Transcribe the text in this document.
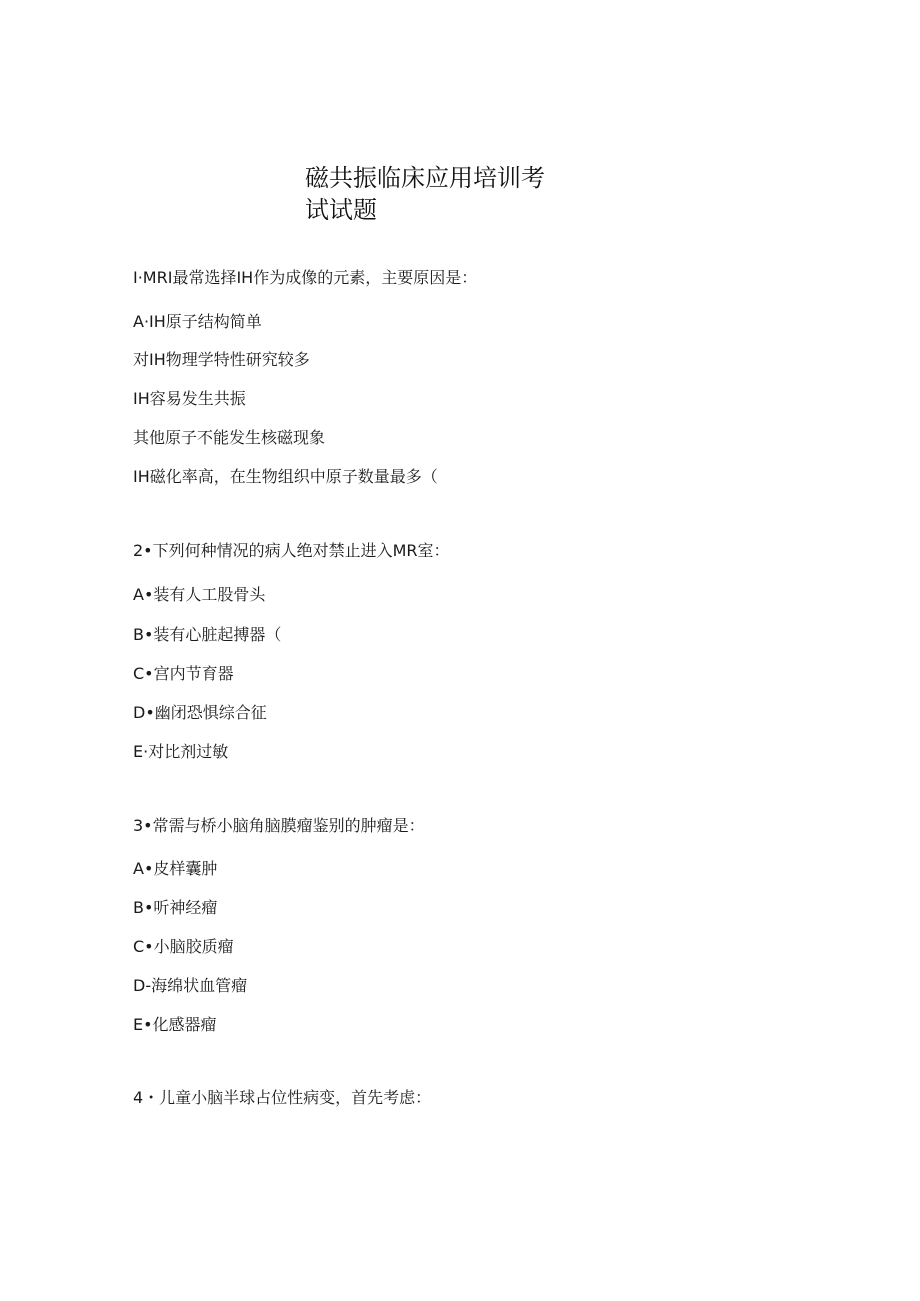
磁共振临床应用培训考
试试题
I·MRI最常选择IH作为成像的元素，主要原因是：
A·IH原子结构简单
对IH物理学特性研究较多
IH容易发生共振
其他原子不能发生核磁现象
IH磁化率高，在生物组织中原子数量最多（
2•下列何种情况的病人绝对禁止进入MR室：
A•装有人工股骨头
B•装有心脏起搏器（
C•宫内节育器
D•幽闭恐惧综合征
E·对比剂过敏
3•常需与桥小脑角脑膜瘤鉴别的肿瘤是：
A•皮样囊肿
B•听神经瘤
C•小脑胶质瘤
D-海绵状血管瘤
E•化感器瘤
4・儿童小脑半球占位性病变，首先考虑：
